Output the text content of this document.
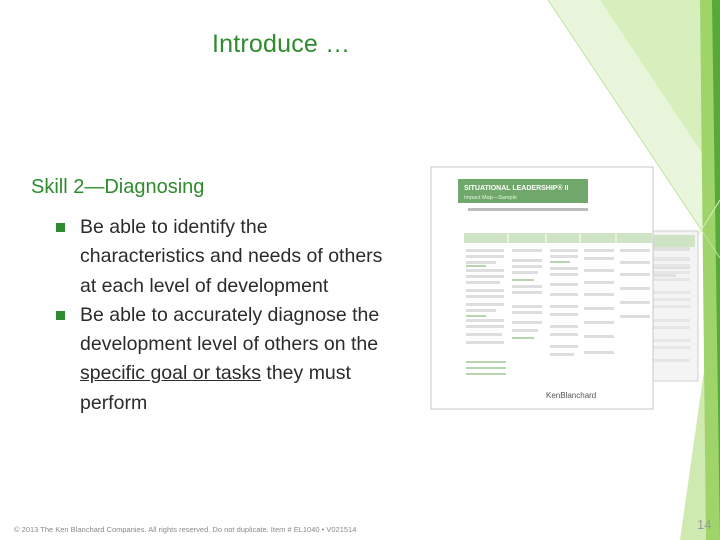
Introduce …
Skill 2—Diagnosing
Be able to identify the characteristics and needs of others at each level of development
Be able to accurately diagnose the development level of others on the specific goal or tasks they must perform
SITUATIONAL LEADERSHIP® II
Impact Map—Sample
KenBlanchard
© 2013 The Ken Blanchard Companies. All rights reserved. Do not duplicate. Item # EL1040 • V021514	14
